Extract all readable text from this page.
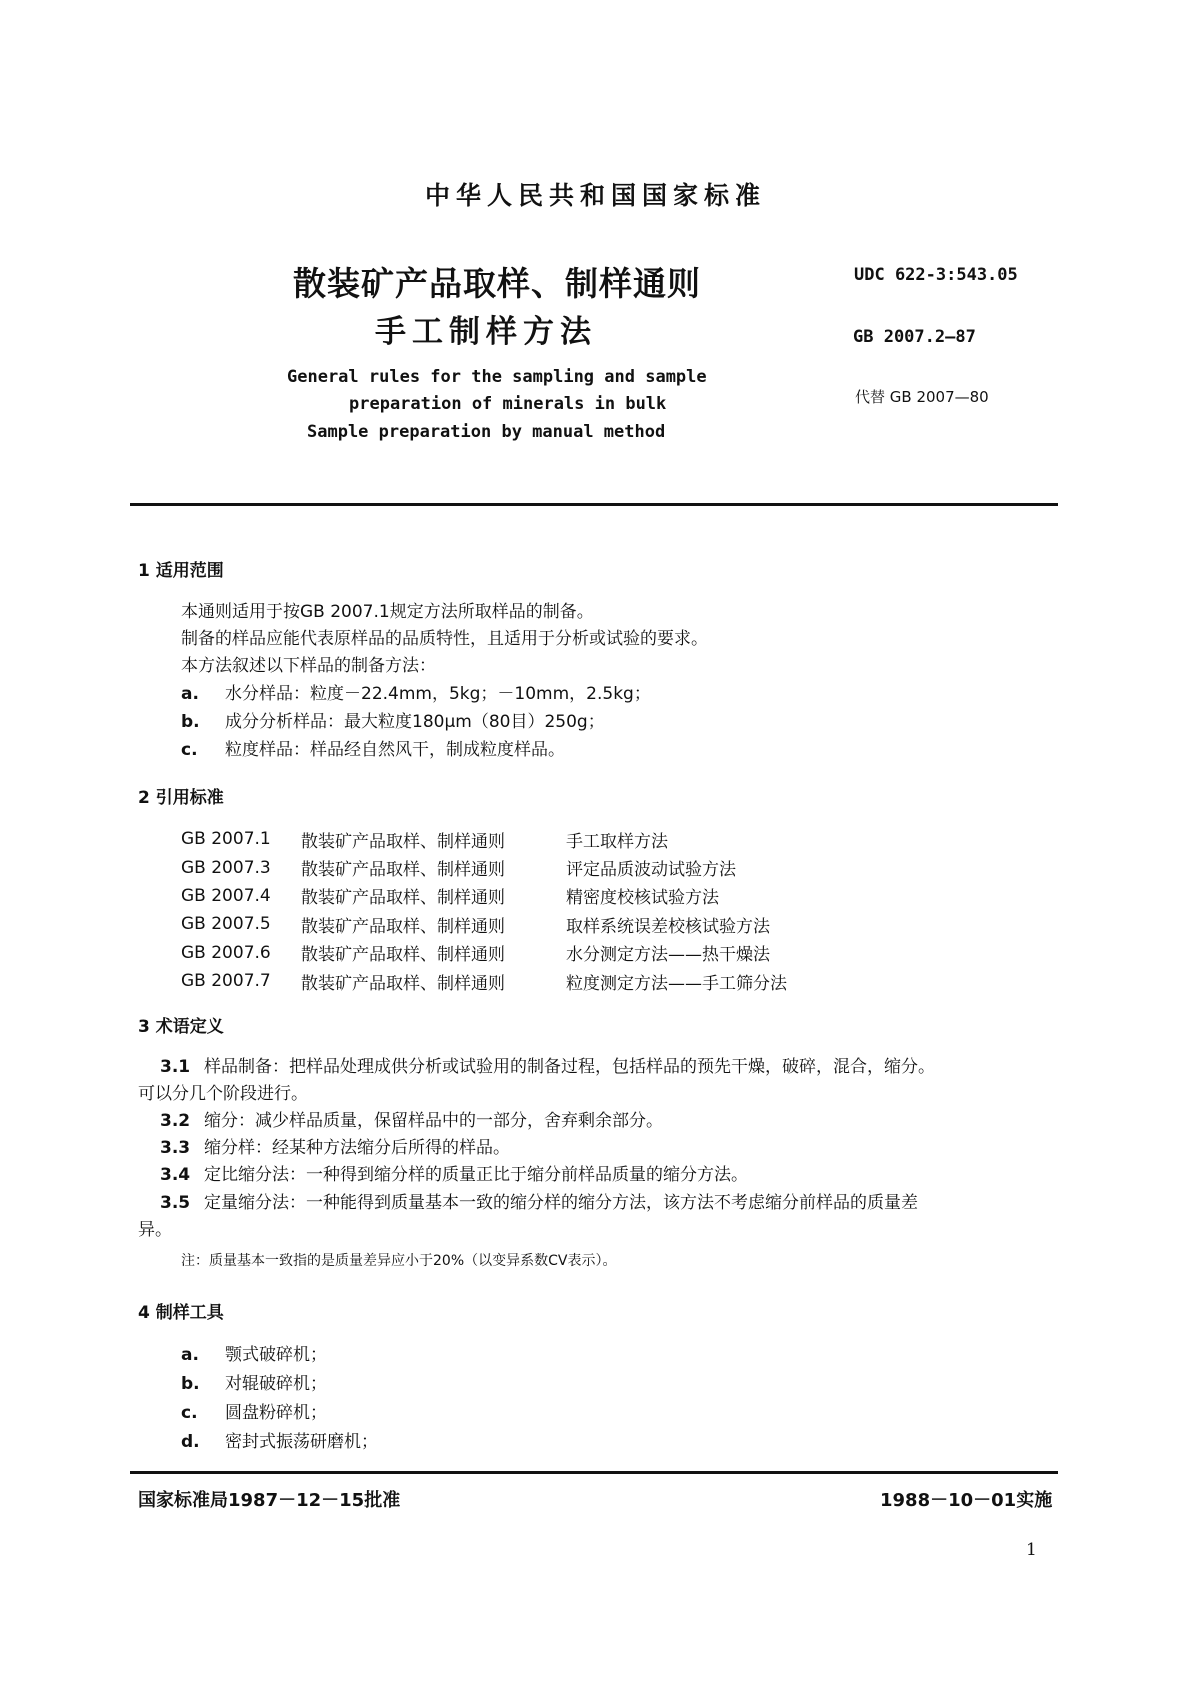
中华人民共和国国家标准
散装矿产品取样、制样通则
手工制样方法
General rules for the sampling and sample
preparation of minerals in bulk
Sample preparation by manual method
UDC 622-3:543.05
GB 2007.2—87
代替 GB 2007—80
1 适用范围
本通则适用于按GB 2007.1规定方法所取样品的制备。
制备的样品应能代表原样品的品质特性，且适用于分析或试验的要求。
本方法叙述以下样品的制备方法：
a. 水分样品：粒度－22.4mm，5kg；－10mm，2.5kg；
b. 成分分析样品：最大粒度180μm（80目）250g；
c. 粒度样品：样品经自然风干，制成粒度样品。
2 引用标准
GB 2007.1	散装矿产品取样、制样通则	手工取样方法
GB 2007.3	散装矿产品取样、制样通则	评定品质波动试验方法
GB 2007.4	散装矿产品取样、制样通则	精密度校核试验方法
GB 2007.5	散装矿产品取样、制样通则	取样系统误差校核试验方法
GB 2007.6	散装矿产品取样、制样通则	水分测定方法——热干燥法
GB 2007.7	散装矿产品取样、制样通则	粒度测定方法——手工筛分法
3 术语定义
3.1 样品制备：把样品处理成供分析或试验用的制备过程，包括样品的预先干燥，破碎，混合，缩分。
可以分几个阶段进行。
3.2 缩分：减少样品质量，保留样品中的一部分，舍弃剩余部分。
3.3 缩分样：经某种方法缩分后所得的样品。
3.4 定比缩分法：一种得到缩分样的质量正比于缩分前样品质量的缩分方法。
3.5 定量缩分法：一种能得到质量基本一致的缩分样的缩分方法，该方法不考虑缩分前样品的质量差
异。
注：质量基本一致指的是质量差异应小于20%（以变异系数CV表示）。
4 制样工具
a. 颚式破碎机；
b. 对辊破碎机；
c. 圆盘粉碎机；
d. 密封式振荡研磨机；
国家标准局1987－12－15批准	1988－10－01实施
1
